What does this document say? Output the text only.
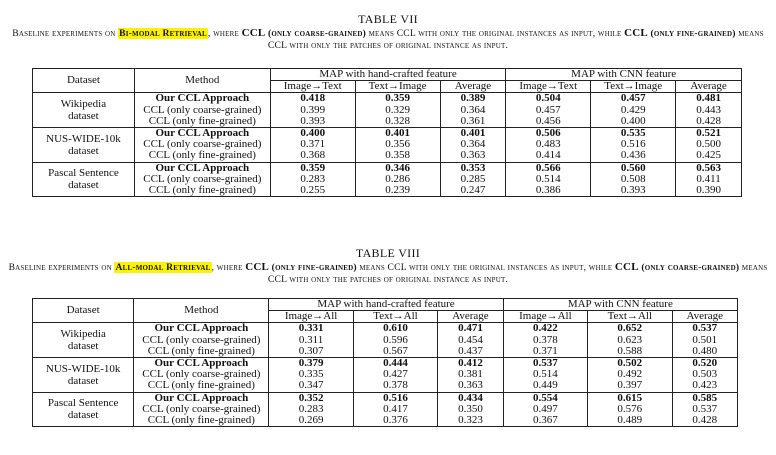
TABLE VII
Baseline experiments on Bi-modal Retrieval, where CCL (only coarse-grained) means CCL with only the original instances as input, while CCL (only fine-grained) means CCL with only the patches of original instance as input.
Dataset	Method	MAP with hand-crafted feature			MAP with CNN feature		
		Image→Text	Text→Image	Average	Image→Text	Text→Image	Average

Wikipedia
dataset	Our CCL Approach	0.418	0.359	0.389	0.504	0.457	0.481
	CCL (only coarse-grained)	0.399	0.329	0.364	0.457	0.429	0.443
	CCL (only fine-grained)	0.393	0.328	0.361	0.456	0.400	0.428

NUS-WIDE-10k
dataset	Our CCL Approach	0.400	0.401	0.401	0.506	0.535	0.521
	CCL (only coarse-grained)	0.371	0.356	0.364	0.483	0.516	0.500
	CCL (only fine-grained)	0.368	0.358	0.363	0.414	0.436	0.425

Pascal Sentence
dataset	Our CCL Approach	0.359	0.346	0.353	0.566	0.560	0.563
	CCL (only coarse-grained)	0.283	0.286	0.285	0.514	0.508	0.411
	CCL (only fine-grained)	0.255	0.239	0.247	0.386	0.393	0.390
TABLE VIII
Baseline experiments on All-modal Retrieval, where CCL (only fine-grained) means CCL with only the original instances as input, while CCL (only coarse-grained) means CCL with only the patches of original instance as input.
Dataset	Method	MAP with hand-crafted feature			MAP with CNN feature		
		Image→All	Text→All	Average	Image→All	Text→All	Average

Wikipedia
dataset	Our CCL Approach	0.331	0.610	0.471	0.422	0.652	0.537
	CCL (only coarse-grained)	0.311	0.596	0.454	0.378	0.623	0.501
	CCL (only fine-grained)	0.307	0.567	0.437	0.371	0.588	0.480

NUS-WIDE-10k
dataset	Our CCL Approach	0.379	0.444	0.412	0.537	0.502	0.520
	CCL (only coarse-grained)	0.335	0.427	0.381	0.514	0.492	0.503
	CCL (only fine-grained)	0.347	0.378	0.363	0.449	0.397	0.423

Pascal Sentence
dataset	Our CCL Approach	0.352	0.516	0.434	0.554	0.615	0.585
	CCL (only coarse-grained)	0.283	0.417	0.350	0.497	0.576	0.537
	CCL (only fine-grained)	0.269	0.376	0.323	0.367	0.489	0.428
